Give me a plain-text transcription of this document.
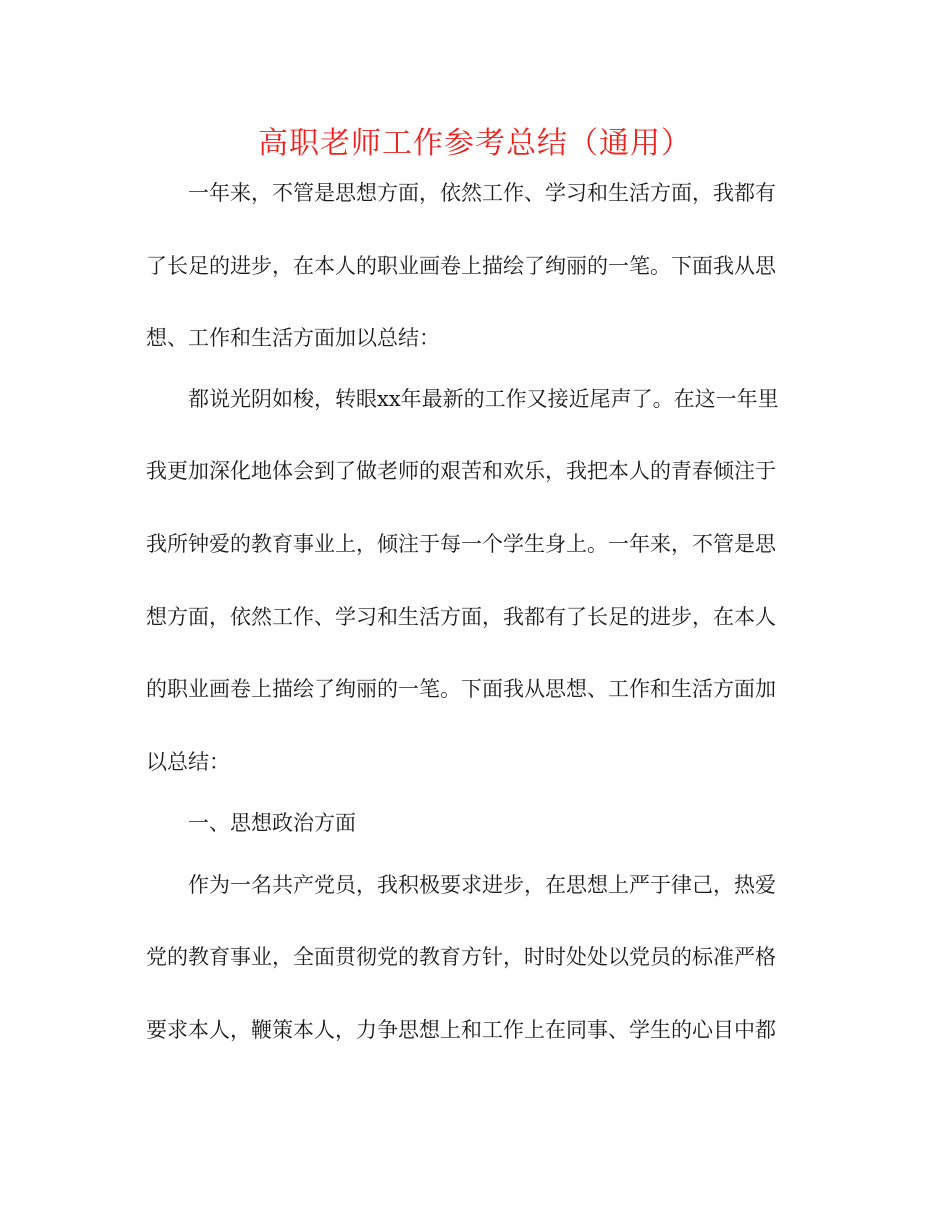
高职老师工作参考总结（通用）
一年来，不管是思想方面，依然工作、学习和生活方面，我都有
了长足的进步，在本人的职业画卷上描绘了绚丽的一笔。下面我从思
想、工作和生活方面加以总结：
都说光阴如梭，转眼xx年最新的工作又接近尾声了。在这一年里
我更加深化地体会到了做老师的艰苦和欢乐，我把本人的青春倾注于
我所钟爱的教育事业上，倾注于每一个学生身上。一年来，不管是思
想方面，依然工作、学习和生活方面，我都有了长足的进步，在本人
的职业画卷上描绘了绚丽的一笔。下面我从思想、工作和生活方面加
以总结：
一、思想政治方面
作为一名共产党员，我积极要求进步，在思想上严于律己，热爱
党的教育事业，全面贯彻党的教育方针，时时处处以党员的标准严格
要求本人，鞭策本人，力争思想上和工作上在同事、学生的心目中都
